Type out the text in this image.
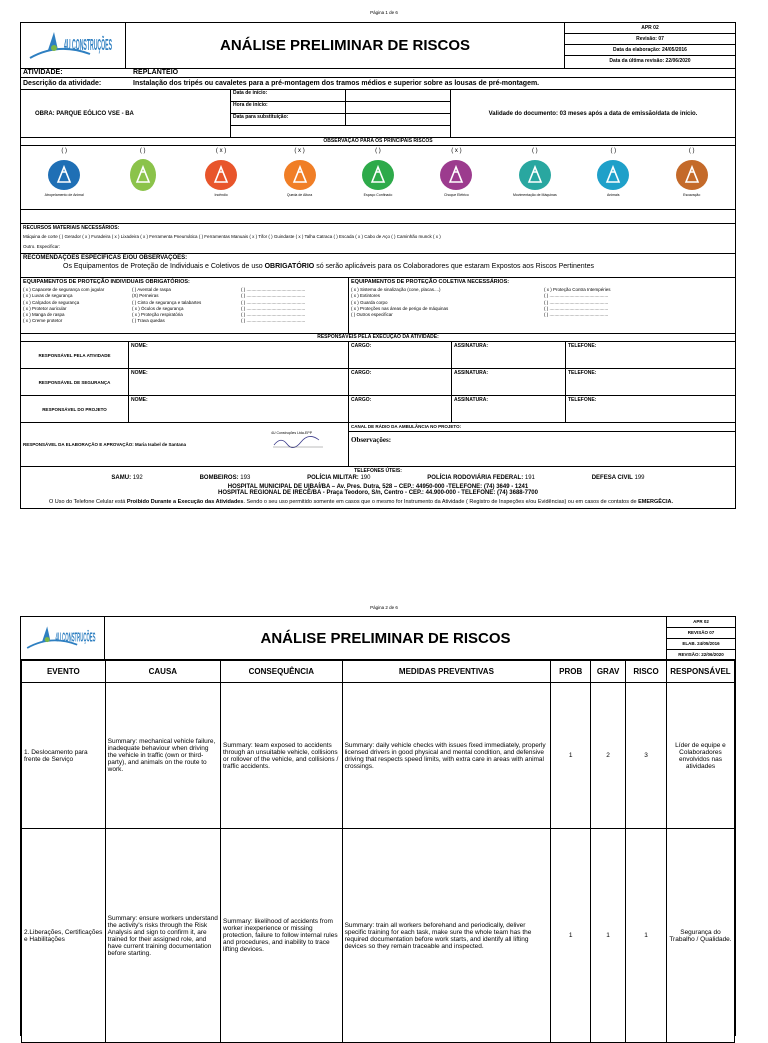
Página 1 de 6
4U CONSTRUÇÕES ANÁLISE PRELIMINAR DE RISCOS
APR 02
Revisão: 07
Data da elaboração: 24/05/2016
Data da última revisão: 22/06/2020
ATIVIDADE:	REPLANTEIO
Descrição da atividade:	Instalação dos tripés ou cavaletes para a pré-montagem dos tramos médios e superior sobre as lousas de pré-montagem.
OBRA: PARQUE EÓLICO VSE - BA
Data de início:
Hora de início:
Data para substituição:
Validade do documento: 03 meses após a data de emissão/data de início.
OBSERVAÇÃO PARA OS PRINCIPAIS RISCOS
( )
Atropelamento de Animal
( )	( x )
Incêndio
( x )
Queda de Altura
( )
Espaço Confinado
( x )
Choque Elétrico
( )
Movimentação de Máquinas
( )
Animais
( )
Escavação
RECURSOS MATERIAIS NECESSÁRIOS:
Máquina de corte ( ) Gerador ( x ) Furadeira ( x ) Lixadeira ( x ) Ferramenta Pneumática ( ) Ferramentas Manuais ( x ) Tifor ( ) Guindaste ( x ) Talha Catraca ( ) Escada ( x ) Cabo de Aço ( ) Caminhão munck ( x )
Outro. Especificar:
RECOMENDAÇOES ESPECÍFICAS E/OU OBSERVAÇÕES:
Os Equipamentos de Proteção de Individuais e Coletivos de uso OBRIGATÓRIO só serão aplicáveis para os Colaboradores que estaram Expostos aos Riscos Pertinentes
EQUIPAMENTOS DE PROTEÇÃO INDIVIDUAIS OBRIGATÓRIOS:
( x ) Capacete de segurança com jugular
( x ) Luvas de segurança
( x ) Calçados de segurança
( x ) Protetor auricular
( x ) Manga de raspa
( x ) Creme protetor
( ) Avental de raspa
(X) Perneiras
( ) Cinto de segurança e talabartes
( x ) Óculos de segurança
( x ) Proteção respiratória
( ) Trava quedas
( ) ...............................................
( ) ...............................................
( ) ...............................................
( ) ...............................................
( ) ...............................................
( ) ...............................................
EQUIPAMENTOS DE PROTEÇÃO COLETIVA NECESSÁRIOS:
( x ) Sistema de sinalização (cone, placas....)
( x ) Extintores
( x ) Guarda corpo
( x ) Proteções nas áreas de perigo de máquinas
( ) Outros especificar
( x ) Proteção Contra Intempéries
( ) ...............................................
( ) ...............................................
( ) ...............................................
( ) ...............................................
RESPONSÁVEIS PELA EXECUÇÃO DA ATIVIDADE:
RESPONSÁVEL PELA ATIVIDADE
NOME:	CARGO:	ASSINATURA:	TELEFONE:
RESPONSÁVEL DE SEGURANÇA
NOME:	CARGO:	ASSINATURA:	TELEFONE:
RESPONSÁVEL DO PROJETO
NOME:	CARGO:	ASSINATURA:	TELEFONE:
RESPONSÁVEL DA ELABORAÇÃO E APROVAÇÃO: Maria Isabel de Santana
4U Construções Ltda-EPP
CANAL DE RÁDIO DA AMBULÂNCIA NO PROJETO:
Observações:
TELEFONES ÚTEIS:
SAMU: 192	BOMBEIROS: 193	POLÍCIA MILITAR: 190	POLÍCIA RODOVIÁRIA FEDERAL: 191	DEFESA CIVIL 199
HOSPITAL MUNICIPAL DE UIBAÍ/BA – Av. Pres. Dutra, 528 – CEP.: 44950-000 -TELEFONE: (74) 3649 - 1241
HOSPITAL REGIONAL DE IRECÊ/BA - Praça Teodoro, S/n, Centro - CEP.: 44.900-000 - TELEFONE: (74) 3688-7700
O Uso do Telefone Celular está Proibido Durante a Execução das Atividades. Sendo o seu uso permitido somente em casos que o mesmo for Instrumento da Atividade ( Registro de Inspeções e/ou Evidências) ou em casos de contatos de EMERGÊCIA.
Página 2 de 6
4U CONSTRUÇÕES	ANÁLISE PRELIMINAR DE RISCOS
APR 02
REVISÃO 07
ELAB. 24/05/2016
REVISÃO: 22/06/2020
EVENTO	CAUSA	CONSEQUÊNCIA	MEDIDAS PREVENTIVAS	PROB	GRAV	RISCO	RESPONSÁVEL
1. Deslocamento para frente de Serviço	Summary: mechanical vehicle failure, inadequate behaviour when driving the vehicle in traffic (own or third-party), and animals on the route to work.	Summary: team exposed to accidents through an unsuitable vehicle, collisions or rollover of the vehicle, and collisions / traffic accidents.	Summary: daily vehicle checks with issues fixed immediately, properly licensed drivers in good physical and mental condition, and defensive driving that respects speed limits, with extra care in areas with animal crossings.	1	2	3	Líder de equipe e Colaboradores envolvidos nas atividades
2.Liberações, Certificações e Habilitações	Summary: ensure workers understand the activity's risks through the Risk Analysis and sign to confirm it, are trained for their assigned role, and have current training documentation before starting.	Summary: likelihood of accidents from worker inexperience or missing protection, failure to follow internal rules and procedures, and inability to trace lifting devices.	Summary: train all workers beforehand and periodically, deliver specific training for each task, make sure the whole team has the required documentation before work starts, and identify all lifting devices so they remain traceable and inspected.	1	1	1	Segurança do Trabalho / Qualidade.
